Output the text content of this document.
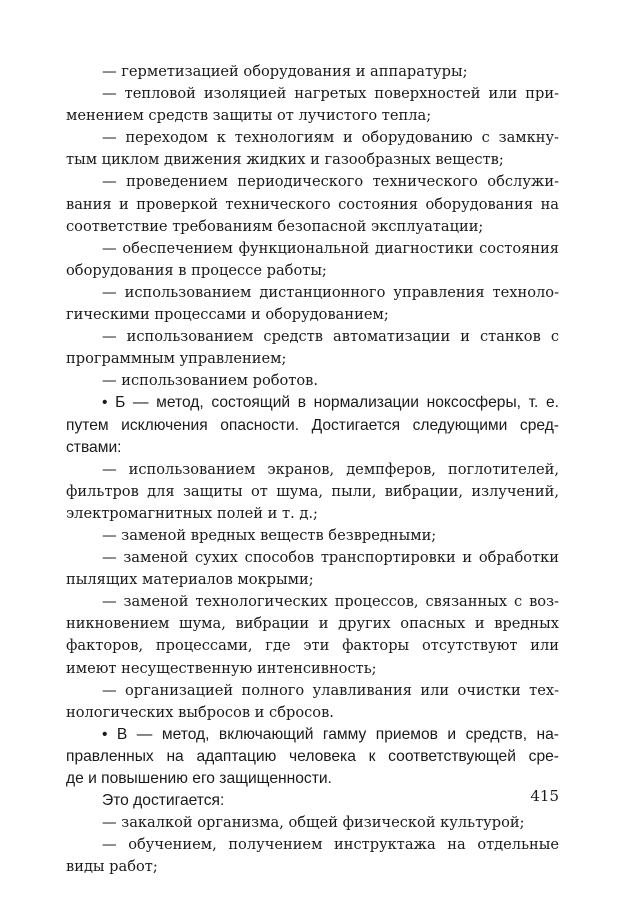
— герметизацией оборудования и аппаратуры;
— тепловой изоляцией нагретых поверхностей или при-
менением средств защиты от лучистого тепла;
— переходом к технологиям и оборудованию с замкну-
тым циклом движения жидких и газообразных веществ;
— проведением периодического технического обслужи-
вания и проверкой технического состояния оборудования на
соответствие требованиям безопасной эксплуатации;
— обеспечением функциональной диагностики состояния
оборудования в процессе работы;
— использованием дистанционного управления техноло-
гическими процессами и оборудованием;
— использованием средств автоматизации и станков с
программным управлением;
— использованием роботов.
• Б — метод, состоящий в нормализации ноксосферы, т. е.
путем исключения опасности. Достигается следующими сред-
ствами:
— использованием экранов, демпферов, поглотителей,
фильтров для защиты от шума, пыли, вибрации, излучений,
электромагнитных полей и т. д.;
— заменой вредных веществ безвредными;
— заменой сухих способов транспортировки и обработки
пылящих материалов мокрыми;
— заменой технологических процессов, связанных с воз-
никновением шума, вибрации и других опасных и вредных
факторов, процессами, где эти факторы отсутствуют или
имеют несущественную интенсивность;
— организацией полного улавливания или очистки тех-
нологических выбросов и сбросов.
• В — метод, включающий гамму приемов и средств, на-
правленных на адаптацию человека к соответствующей сре-
де и повышению его защищенности.
Это достигается:
— закалкой организма, общей физической культурой;
— обучением, получением инструктажа на отдельные
виды работ;
415
